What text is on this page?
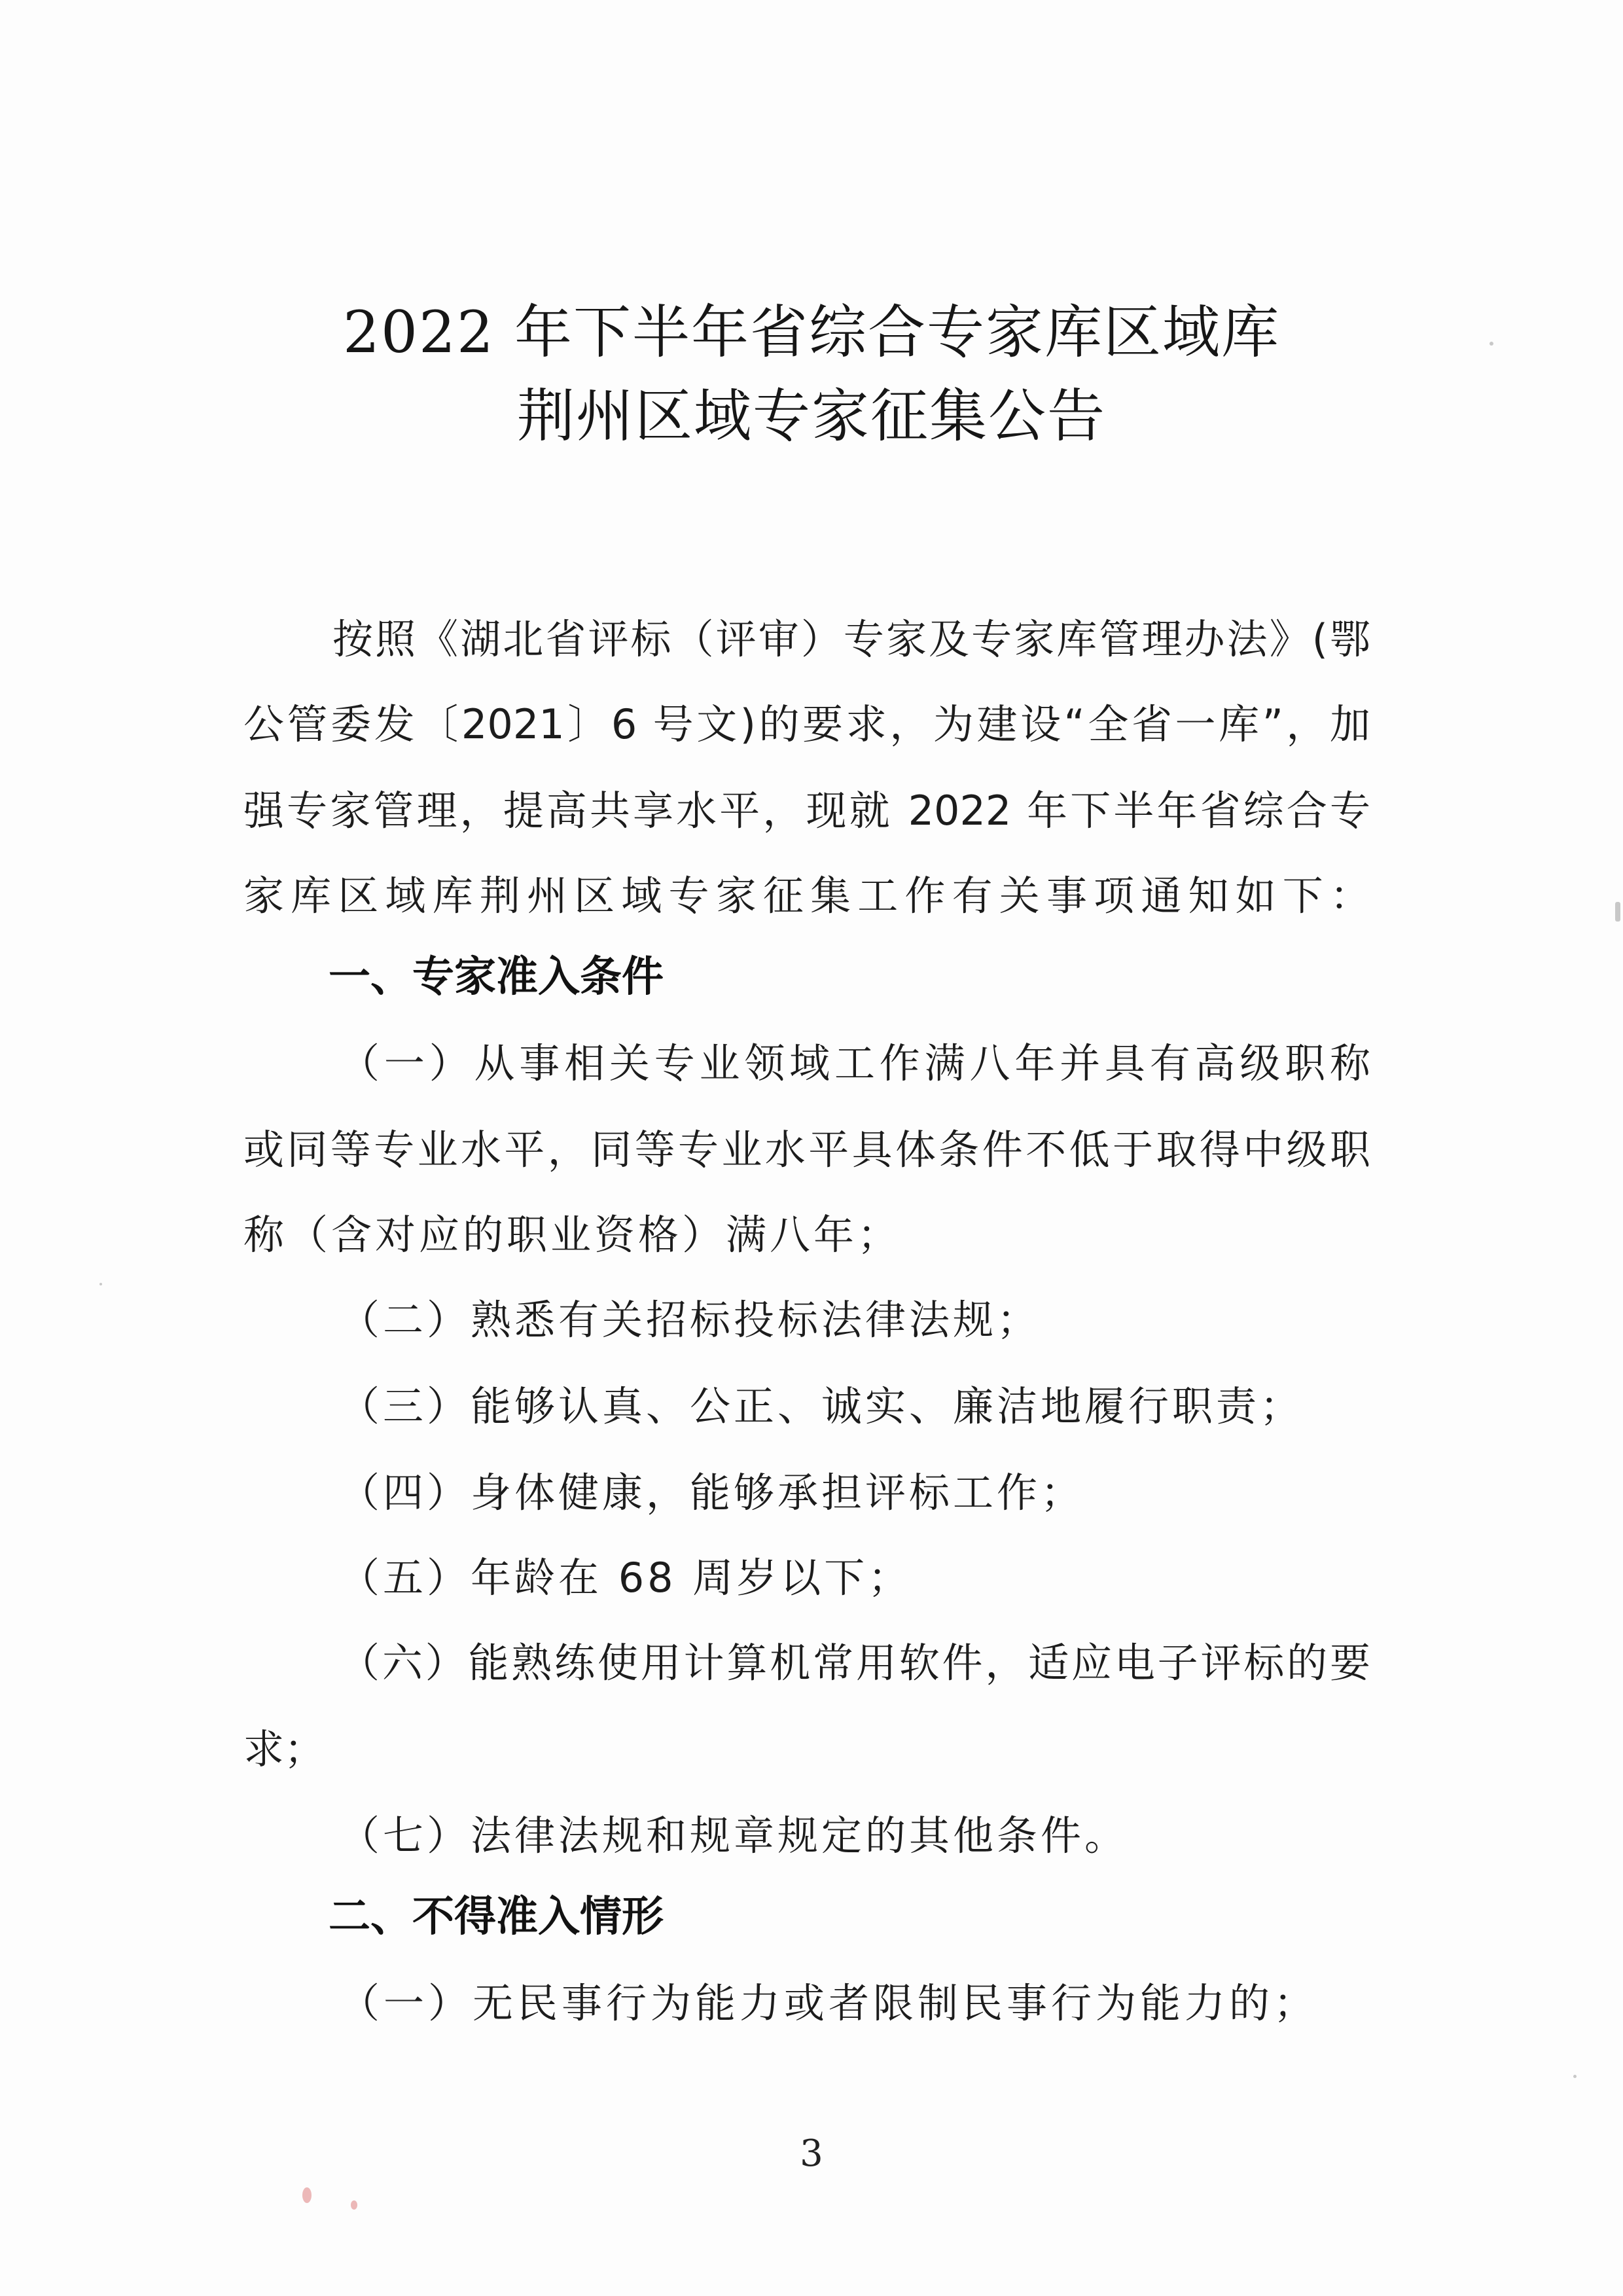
2022 年下半年省综合专家库区域库
荆州区域专家征集公告
按照《湖北省评标（评审）专家及专家库管理办法》(鄂
公管委发〔2021〕6 号文)的要求，为建设“全省一库”，加
强专家管理，提高共享水平，现就 2022 年下半年省综合专
家库区域库荆州区域专家征集工作有关事项通知如下：
一、专家准入条件
（一）从事相关专业领域工作满八年并具有高级职称
或同等专业水平，同等专业水平具体条件不低于取得中级职
称（含对应的职业资格）满八年；
（二）熟悉有关招标投标法律法规；
（三）能够认真、公正、诚实、廉洁地履行职责；
（四）身体健康，能够承担评标工作；
（五）年龄在 68 周岁以下；
（六）能熟练使用计算机常用软件，适应电子评标的要
求；
（七）法律法规和规章规定的其他条件。
二、不得准入情形
（一）无民事行为能力或者限制民事行为能力的；
3
